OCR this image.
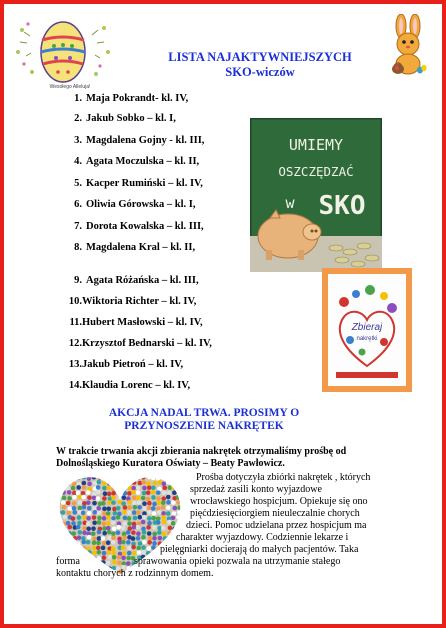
Wesołego Alleluja!
LISTA NAJAKTYWNIEJSZYCH
SKO-wiczów
1. Maja Pokrandt- kl. IV,
2. Jakub Sobko – kl. I,
3. Magdalena Gojny - kl. III,
4. Agata Moczulska – kl. II,
5. Kacper Rumiński – kl. IV,
6. Oliwia Górowska – kl. I,
7. Dorota Kowalska – kl. III,
8. Magdalena Kral – kl. II,
9. Agata Różańska – kl. III,
10.Wiktoria Richter – kl. IV,
11.Hubert Masłowski – kl. IV,
12.Krzysztof Bednarski – kl. IV,
13.Jakub Pietroń – kl. IV,
14.Klaudia Lorenc – kl. IV,
UMIEMY
OSZCZĘDZAĆ
w SKO
Zbieraj
nakrętki
AKCJA NADAL TRWA. PROSIMY O
PRZYNOSZENIE NAKRĘTEK
W trakcie trwania akcji zbierania nakrętek otrzymaliśmy prośbę od Dolnośląskiego Kuratora Oświaty – Beaty Pawłowicz.
Prośba dotyczyła zbiórki nakrętek , których
sprzedaż zasili konto wyjazdowe
wrocławskiego hospicjum. Opiekuje się ono
pięćdziesięciorgiem nieuleczalnie chorych
dzieci. Pomoc udzielana przez hospicjum ma
charakter wyjazdowy. Codziennie lekarze i
pielęgniarki docierają do małych pacjentów. Taka
forma	sprawowania opieki pozwala na utrzymanie stałego
kontaktu chorych z rodzinnym domem.
